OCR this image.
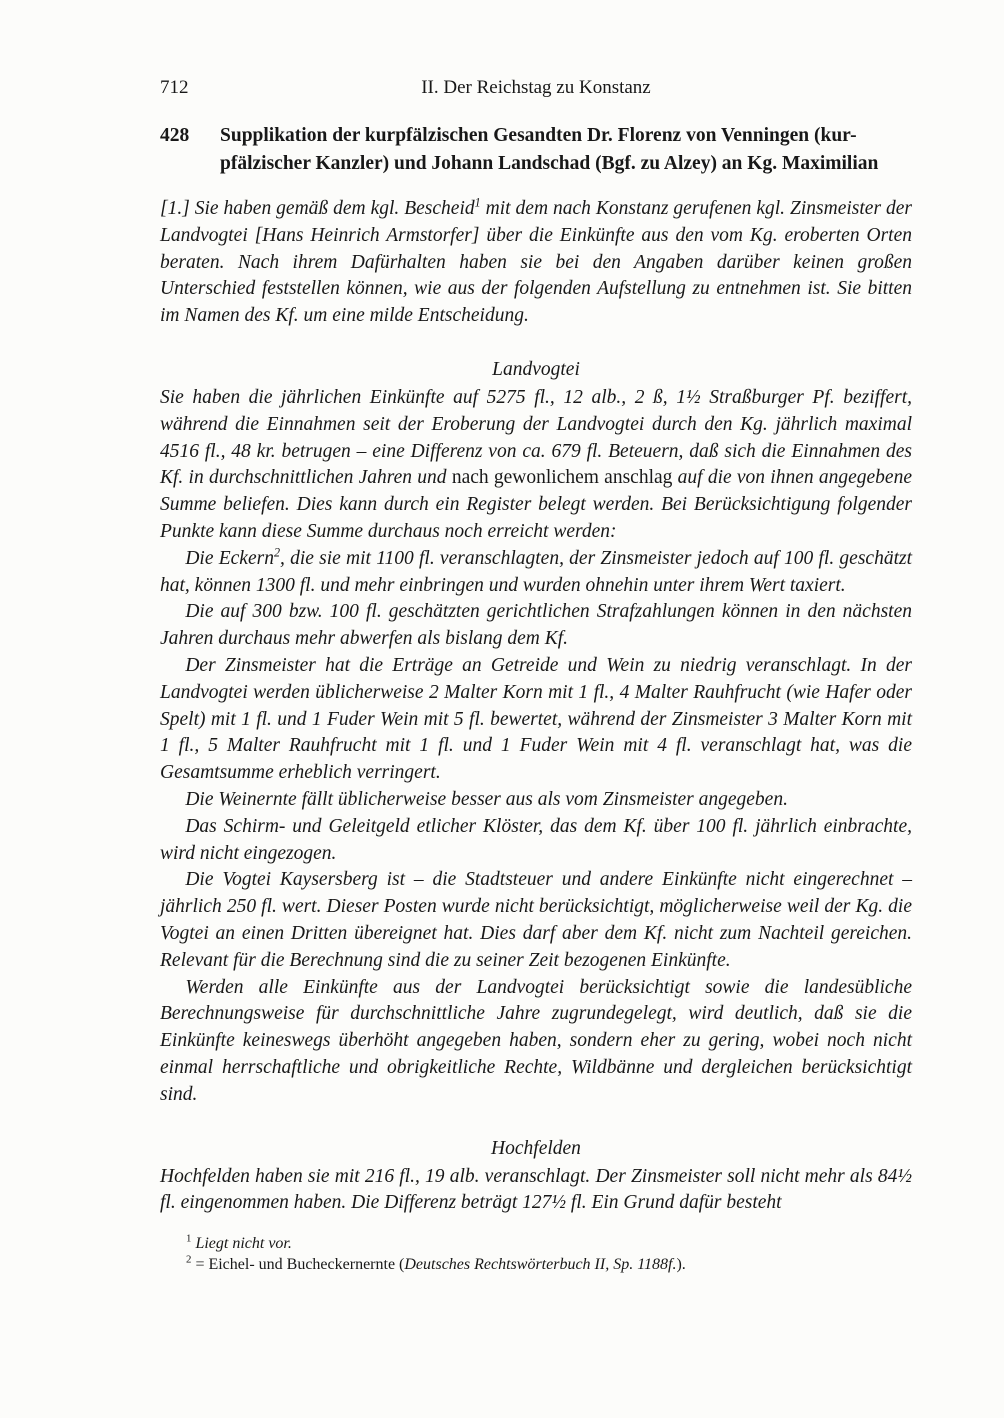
712	II. Der Reichstag zu Konstanz
428	Supplikation der kurpfälzischen Gesandten Dr. Florenz von Venningen (kur-
pfälzischer Kanzler) und Johann Landschad (Bgf. zu Alzey) an Kg. Maximilian

[1.] Sie haben gemäß dem kgl. Bescheid$^1$ mit dem nach Konstanz gerufenen kgl. Zinsmeister der Landvogtei [Hans Heinrich Armstorfer] über die Einkünfte aus den vom Kg. eroberten Orten beraten. Nach ihrem Dafürhalten haben sie bei den Angaben darüber keinen großen Unterschied feststellen können, wie aus der folgenden Aufstellung zu entnehmen ist. Sie bitten im Namen des Kf. um eine milde Entscheidung.

Landvogtei

Sie haben die jährlichen Einkünfte auf 5275 fl., 12 alb., 2 ß, 1½ Straßburger Pf. beziffert, während die Einnahmen seit der Eroberung der Landvogtei durch den Kg. jährlich maximal 4516 fl., 48 kr. betrugen – eine Differenz von ca. 679 fl. Beteuern, daß sich die Einnahmen des Kf. in durchschnittlichen Jahren und nach gewonlichem anschlag auf die von ihnen angegebene Summe beliefen. Dies kann durch ein Register belegt werden. Bei Berücksichtigung folgender Punkte kann diese Summe durchaus noch erreicht werden:

Die Eckern$^2$, die sie mit 1100 fl. veranschlagten, der Zinsmeister jedoch auf 100 fl. geschätzt hat, können 1300 fl. und mehr einbringen und wurden ohnehin unter ihrem Wert taxiert.

Die auf 300 bzw. 100 fl. geschätzten gerichtlichen Strafzahlungen können in den nächsten Jahren durchaus mehr abwerfen als bislang dem Kf.

Der Zinsmeister hat die Erträge an Getreide und Wein zu niedrig veranschlagt. In der Landvogtei werden üblicherweise 2 Malter Korn mit 1 fl., 4 Malter Rauhfrucht (wie Hafer oder Spelt) mit 1 fl. und 1 Fuder Wein mit 5 fl. bewertet, während der Zinsmeister 3 Malter Korn mit 1 fl., 5 Malter Rauhfrucht mit 1 fl. und 1 Fuder Wein mit 4 fl. veranschlagt hat, was die Gesamtsumme erheblich verringert.

Die Weinernte fällt üblicherweise besser aus als vom Zinsmeister angegeben.

Das Schirm- und Geleitgeld etlicher Klöster, das dem Kf. über 100 fl. jährlich einbrachte, wird nicht eingezogen.

Die Vogtei Kaysersberg ist – die Stadtsteuer und andere Einkünfte nicht eingerechnet – jährlich 250 fl. wert. Dieser Posten wurde nicht berücksichtigt, möglicherweise weil der Kg. die Vogtei an einen Dritten übereignet hat. Dies darf aber dem Kf. nicht zum Nachteil gereichen. Relevant für die Berechnung sind die zu seiner Zeit bezogenen Einkünfte.

Werden alle Einkünfte aus der Landvogtei berücksichtigt sowie die landesübliche Berechnungsweise für durchschnittliche Jahre zugrundegelegt, wird deutlich, daß sie die Einkünfte keineswegs überhöht angegeben haben, sondern eher zu gering, wobei noch nicht einmal herrschaftliche und obrigkeitliche Rechte, Wildbänne und dergleichen berücksichtigt sind.

Hochfelden

Hochfelden haben sie mit 216 fl., 19 alb. veranschlagt. Der Zinsmeister soll nicht mehr als 84½ fl. eingenommen haben. Die Differenz beträgt 127½ fl. Ein Grund dafür besteht

$^1$ Liegt nicht vor.
$^2$ = Eichel- und Bucheckernernte (Deutsches Rechtswörterbuch II, Sp. 1188f.).
